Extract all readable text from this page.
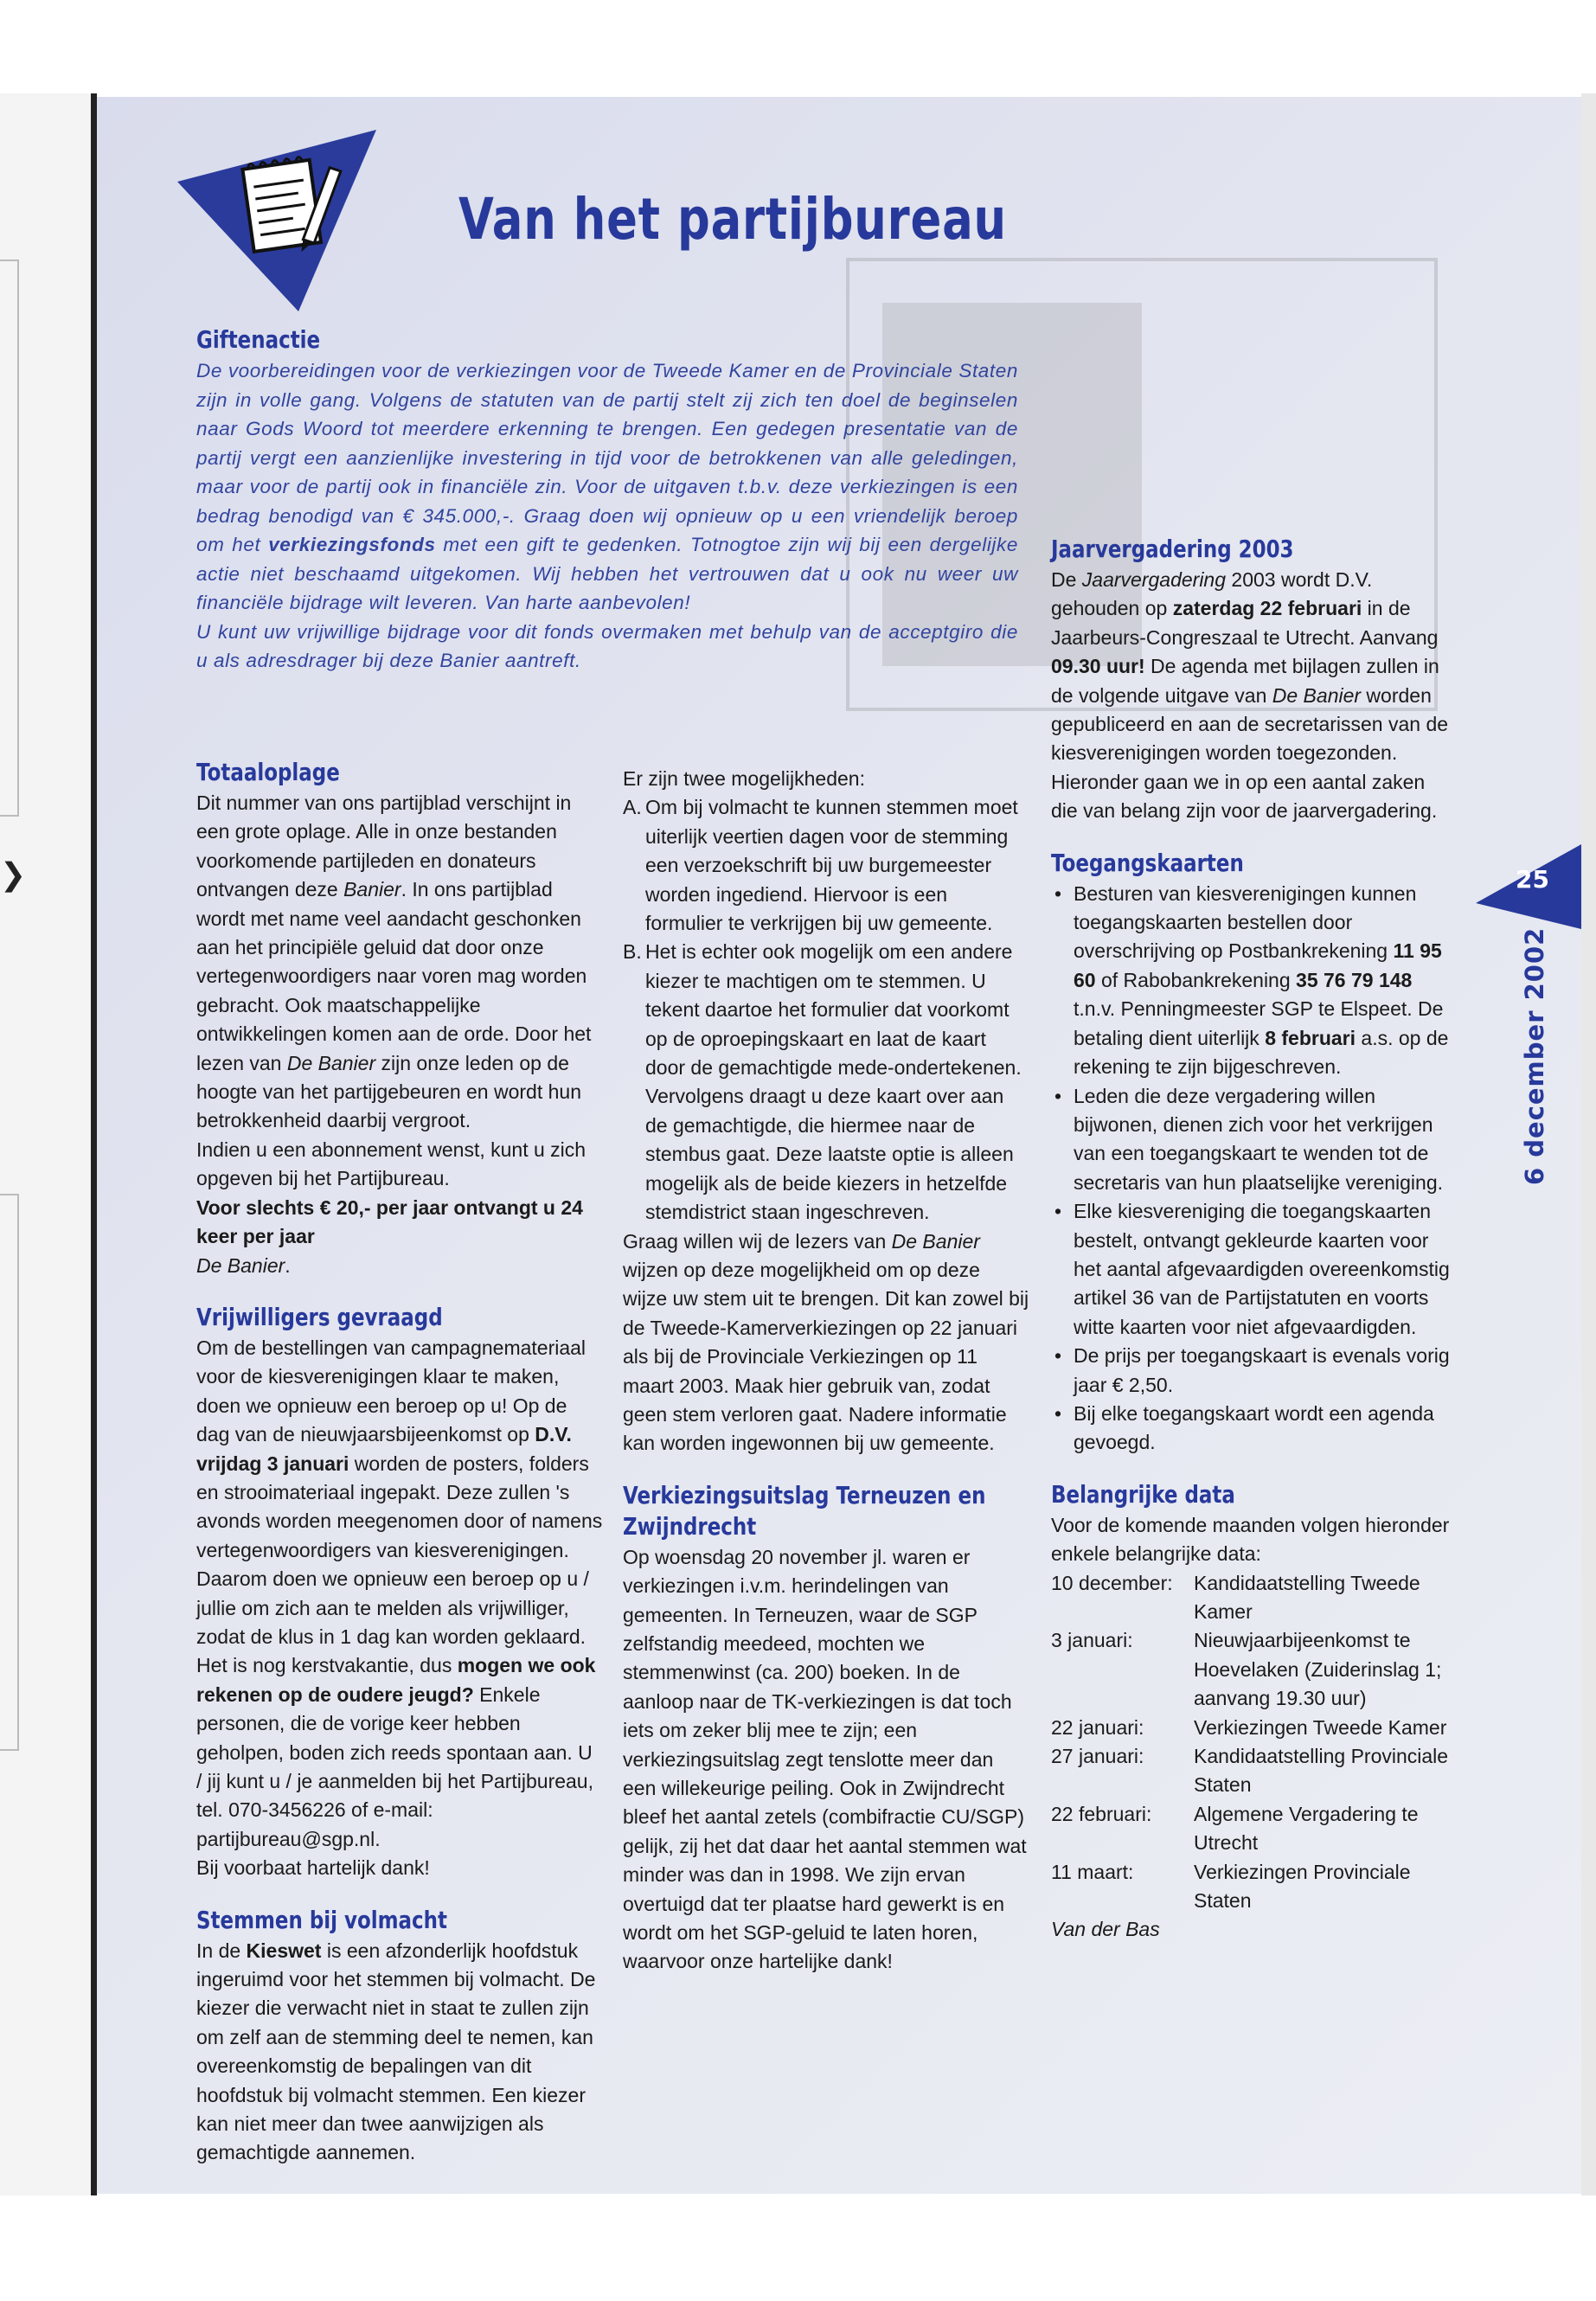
❯
Van het partijbureau
Giftenactie

De voorbereidingen voor de verkiezingen voor de Tweede Kamer en de Provinciale Staten zijn in volle gang. Volgens de statuten van de partij stelt zij zich ten doel de beginselen naar Gods Woord tot meerdere erkenning te brengen. Een gedegen presentatie van de partij vergt een aanzienlijke investering in tijd voor de betrokkenen van alle geledingen, maar voor de partij ook in financiële zin. Voor de uitgaven t.b.v. deze verkiezingen is een bedrag benodigd van € 345.000,-. Graag doen wij opnieuw op u een vriendelijk beroep om het verkiezingsfonds met een gift te gedenken. Totnogtoe zijn wij bij een dergelijke actie niet beschaamd uitgekomen. Wij hebben het vertrouwen dat u ook nu weer uw financiële bijdrage wilt leveren. Van harte aanbevolen!

U kunt uw vrijwillige bijdrage voor dit fonds overmaken met behulp van de acceptgiro die u als adresdrager bij deze Banier aantreft.

Totaaloplage

Dit nummer van ons partijblad verschijnt in een grote oplage. Alle in onze bestanden voorkomende partijleden en donateurs ontvangen deze Banier. In ons partijblad wordt met name veel aandacht geschonken aan het principiële geluid dat door onze vertegenwoordigers naar voren mag worden gebracht. Ook maatschappelijke ontwikkelingen komen aan de orde. Door het lezen van De Banier zijn onze leden op de hoogte van het partijgebeuren en wordt hun betrokkenheid daarbij vergroot.

Indien u een abonnement wenst, kunt u zich opgeven bij het Partijbureau.

Voor slechts € 20,- per jaar ontvangt u 24 keer per jaar
De Banier.

Vrijwilligers gevraagd

Om de bestellingen van campagnemateriaal voor de kiesverenigingen klaar te maken, doen we opnieuw een beroep op u! Op de dag van de nieuwjaarsbijeenkomst op D.V. vrijdag 3 januari worden de posters, folders en strooimateriaal ingepakt. Deze zullen 's avonds worden meegenomen door of namens vertegenwoordigers van kiesverenigingen. Daarom doen we opnieuw een beroep op u / jullie om zich aan te melden als vrijwilliger, zodat de klus in 1 dag kan worden geklaard. Het is nog kerstvakantie, dus mogen we ook rekenen op de oudere jeugd? Enkele personen, die de vorige keer hebben geholpen, boden zich reeds spontaan aan. U / jij kunt u / je aanmelden bij het Partijbureau,

tel. 070-3456226 of e-mail:

partijbureau@sgp.nl.

Bij voorbaat hartelijk dank!

Stemmen bij volmacht

In de Kieswet is een afzonderlijk hoofdstuk ingeruimd voor het stemmen bij volmacht. De kiezer die verwacht niet in staat te zullen zijn om zelf aan de stemming deel te nemen, kan overeenkomstig de bepalingen van dit hoofdstuk bij volmacht stemmen. Een kiezer kan niet meer dan twee aanwijzigen als gemachtigde aannemen.

Er zijn twee mogelijkheden:

A. Om bij volmacht te kunnen stemmen moet uiterlijk veertien dagen voor de stemming een verzoekschrift bij uw burgemeester worden ingediend. Hiervoor is een formulier te verkrijgen bij uw gemeente.
B. Het is echter ook mogelijk om een andere kiezer te machtigen om te stemmen. U tekent daartoe het formulier dat voorkomt op de oproepingskaart en laat de kaart door de gemachtigde mede-ondertekenen. Vervolgens draagt u deze kaart over aan de gemachtigde, die hiermee naar de stembus gaat. Deze laatste optie is alleen mogelijk als de beide kiezers in hetzelfde stemdistrict staan ingeschreven.

Graag willen wij de lezers van De Banier wijzen op deze mogelijkheid om op deze wijze uw stem uit te brengen. Dit kan zowel bij de Tweede-Kamerverkiezingen op 22 januari als bij de Provinciale Verkiezingen op 11 maart 2003. Maak hier gebruik van, zodat geen stem verloren gaat. Nadere informatie kan worden ingewonnen bij uw gemeente.

Verkiezingsuitslag Terneuzen en
Zwijndrecht

Op woensdag 20 november jl. waren er verkiezingen i.v.m. herindelingen van gemeenten. In Terneuzen, waar de SGP zelfstandig meedeed, mochten we stemmenwinst (ca. 200) boeken. In de aanloop naar de TK-verkiezingen is dat toch iets om zeker blij mee te zijn; een verkiezingsuitslag zegt tenslotte meer dan een willekeurige peiling. Ook in Zwijndrecht bleef het aantal zetels (combifractie CU/SGP) gelijk, zij het dat daar het aantal stemmen wat minder was dan in 1998. We zijn ervan overtuigd dat ter plaatse hard gewerkt is en wordt om het SGP-geluid te laten horen, waarvoor onze hartelijke dank!

Jaarvergadering 2003

De Jaarvergadering 2003 wordt D.V. gehouden op zaterdag 22 februari in de Jaarbeurs-Congreszaal te Utrecht. Aanvang 09.30 uur! De agenda met bijlagen zullen in de volgende uitgave van De Banier worden gepubliceerd en aan de secretarissen van de kiesverenigingen worden toegezonden. Hieronder gaan we in op een aantal zaken die van belang zijn voor de jaarvergadering.

Toegangskaarten
• Besturen van kiesverenigingen kunnen toegangskaarten bestellen door overschrijving op Postbankrekening 11 95 60 of Rabobankrekening 35 76 79 148 t.n.v. Penningmeester SGP te Elspeet. De betaling dient uiterlijk 8 februari a.s. op de rekening te zijn bijgeschreven.
• Leden die deze vergadering willen bijwonen, dienen zich voor het verkrijgen van een toegangskaart te wenden tot de secretaris van hun plaatselijke vereniging.
• Elke kiesvereniging die toegangskaarten bestelt, ontvangt gekleurde kaarten voor het aantal afgevaardigden overeenkomstig artikel 36 van de Partijstatuten en voorts witte kaarten voor niet afgevaardigden.
• De prijs per toegangskaart is evenals vorig jaar € 2,50.
• Bij elke toegangskaart wordt een agenda gevoegd.
Belangrijke data

Voor de komende maanden volgen hieronder enkele belangrijke data:

10 december:	Kandidaatstelling Tweede Kamer
3 januari:	Nieuwjaarbijeenkomst te Hoevelaken (Zuiderinslag 1; aanvang 19.30 uur)
22 januari:	Verkiezingen Tweede Kamer
27 januari:	Kandidaatstelling Provinciale Staten
22 februari:	Algemene Vergadering te Utrecht
11 maart:	Verkiezingen Provinciale Staten

Van der Bas

25
6 december 2002
